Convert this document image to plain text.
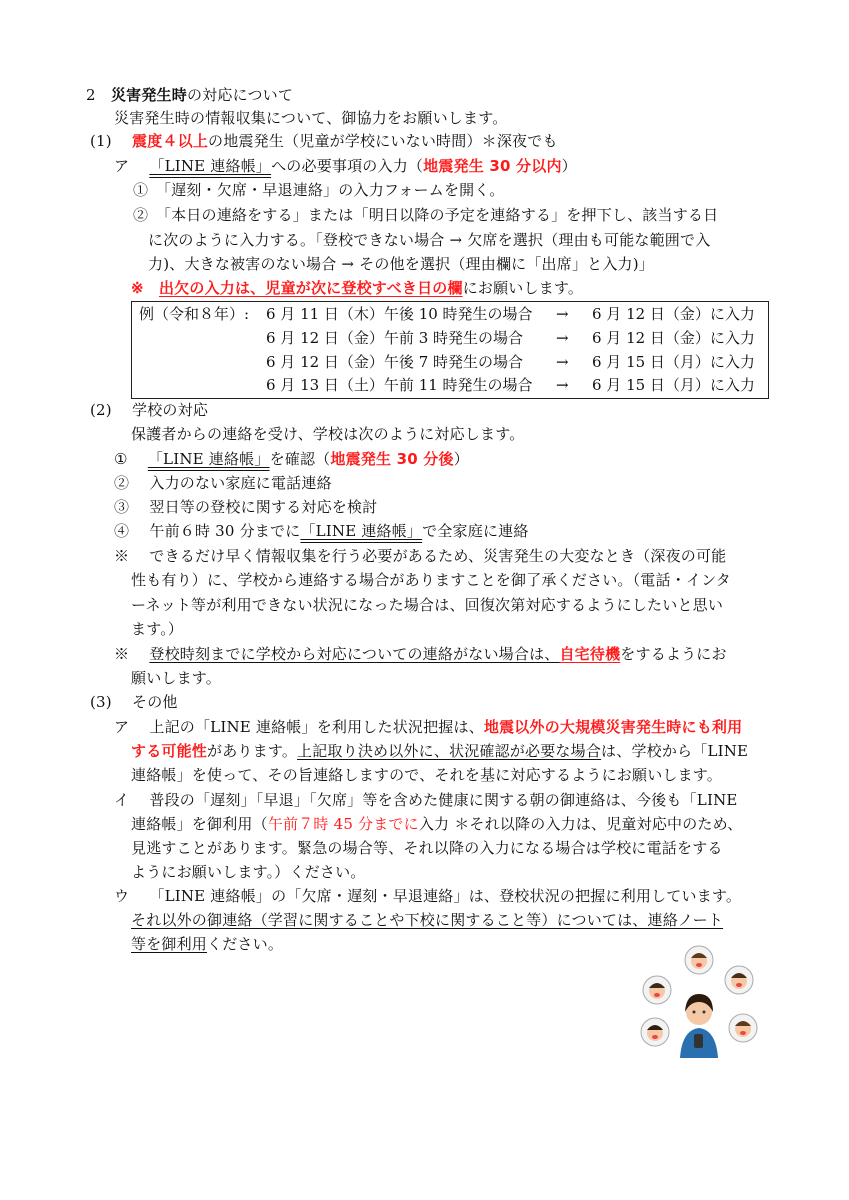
2　 災害発生時の対応について
災害発生時の情報収集について、御協力をお願いします。
(1)　 震度４以上の地震発生（児童が学校にいない時間）＊深夜でも
ア　 「LINE 連絡帳」への必要事項の入力（地震発生 30 分以内）
①　 「遅刻・欠席・早退連絡」の入力フォームを開く。
②　 「本日の連絡をする」または「明日以降の予定を連絡する」を押下し、該当する日
に次のように入力する。「登校できない場合 → 欠席を選択（理由も可能な範囲で入
力)、大きな被害のない場合 → その他を選択（理由欄に「出席」と入力)」
※　 出欠の入力は、児童が次に登校すべき日の欄にお願いします。
例（令和８年）: 6 月 11 日（木）午後 10 時発生の場合 → 6 月 12 日（金）に入力
6 月 12 日（金）午前 3 時発生の場合 → 6 月 12 日（金）に入力
6 月 12 日（金）午後 7 時発生の場合 → 6 月 15 日（月）に入力
6 月 13 日（土）午前 11 時発生の場合 → 6 月 15 日（月）に入力
(2)　 学校の対応
保護者からの連絡を受け、学校は次のように対応します。
①　 「LINE 連絡帳」を確認（地震発生 30 分後）
②　 入力のない家庭に電話連絡
③　 翌日等の登校に関する対応を検討
④　 午前６時 30 分までに「LINE 連絡帳」で全家庭に連絡
※　 できるだけ早く情報収集を行う必要があるため、災害発生の大変なとき（深夜の可能
性も有り）に、学校から連絡する場合がありますことを御了承ください。（電話・インタ
ーネット等が利用できない状況になった場合は、回復次第対応するようにしたいと思い
ます。）
※　 登校時刻までに学校から対応についての連絡がない場合は、自宅待機をするようにお
願いします。
(3)　 その他
ア　 上記の「LINE 連絡帳」を利用した状況把握は、地震以外の大規模災害発生時にも利用
する可能性があります。上記取り決め以外に、状況確認が必要な場合は、学校から「LINE
連絡帳」を使って、その旨連絡しますので、それを基に対応するようにお願いします。
イ　 普段の「遅刻」「早退」「欠席」等を含めた健康に関する朝の御連絡は、今後も「LINE
連絡帳」を御利用（午前７時 45 分までに入力 ＊それ以降の入力は、児童対応中のため、
見逃すことがあります。緊急の場合等、それ以降の入力になる場合は学校に電話をする
ようにお願いします。）ください。
ウ　 「LINE 連絡帳」の「欠席・遅刻・早退連絡」は、登校状況の把握に利用しています。
それ以外の御連絡（学習に関することや下校に関すること等）については、連絡ノート
等を御利用ください。
